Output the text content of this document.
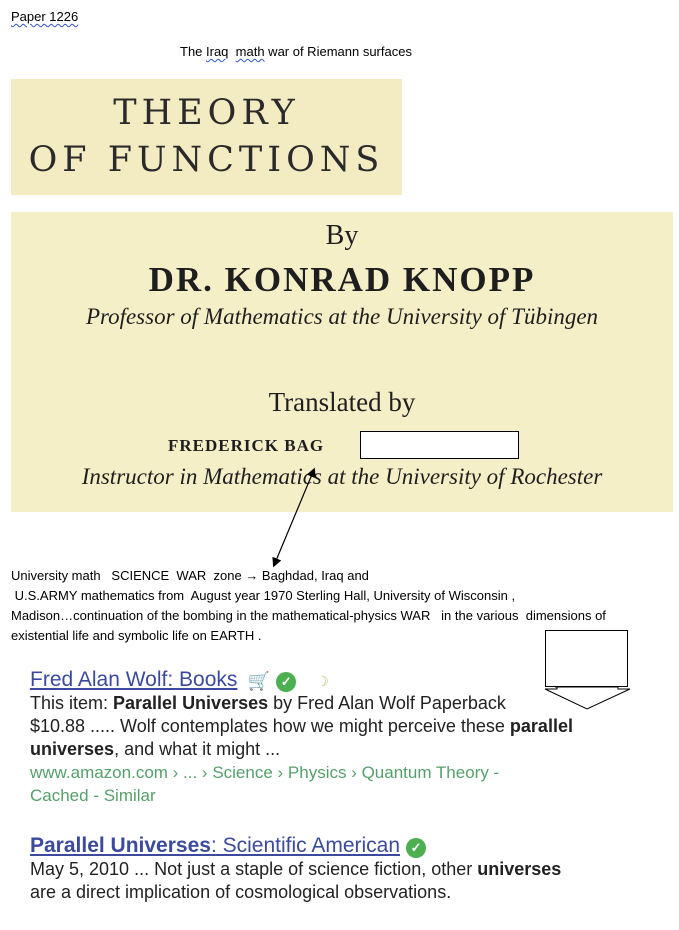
Paper 1226
The Iraq math war of Riemann surfaces
THEORY
OF FUNCTIONS
By
DR. KONRAD KNOPP
Professor of Mathematics at the University of Tübingen
Translated by
FREDERICK BAG
Instructor in Mathematics at the University of Rochester

University math   SCIENCE  WAR  zone → Baghdad, Iraq and

U.S.ARMY mathematics from  August year 1970 Sterling Hall, University of Wisconsin ,

Madison…continuation of the bombing in the mathematical-physics WAR   in the various  dimensions of

existential life and symbolic life on EARTH .

Fred Alan Wolf: Books 🛒 ✓ ☽
This item: Parallel Universes by Fred Alan Wolf Paperback
$10.88 ..... Wolf contemplates how we might perceive these parallel
universes, and what it might ...
www.amazon.com › ... › Science › Physics › Quantum Theory -
Cached - Similar
Parallel Universes: Scientific American ✓
May 5, 2010 ... Not just a staple of science fiction, other universes
are a direct implication of cosmological observations.
